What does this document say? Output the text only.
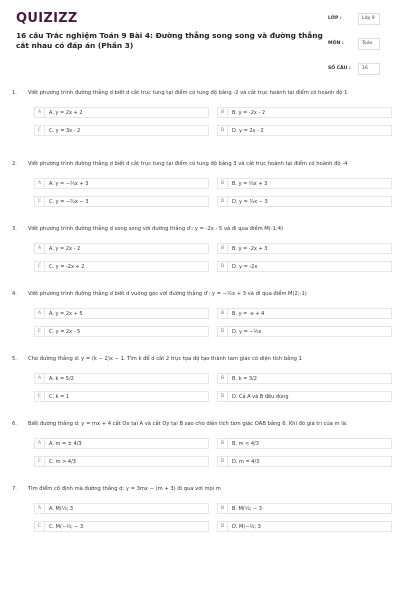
QUIZIZZ
16 câu Trắc nghiệm Toán 9 Bài 4: Đường thẳng song song và đường thẳng cắt nhau có đáp án (Phần 3)
LỚP :	Lớp 9
MÔN :	Toán
SỐ CÂU :	16
1.	Viết phương trình đường thẳng d biết d cắt trục tung tại điểm có tung độ bằng -2 và cắt trục hoành tại điểm có hoành độ 1
A	A. y = 2x + 2	B	B. y = -2x - 2
C	C. y = 3x - 2	D	D. y = 2x - 2
2.	Viết phương trình đường thẳng d biết d cắt trục tung tại điểm có tung độ bằng 3 và cắt trục hoành tại điểm có hoành độ -4
A	A. y = −¾x + 3	B	B. y = ⅔x + 3
C	C. y = −¾x − 3	D	D. y = ¾x − 3
3.	Viết phương trình đường thẳng d song song với đường thẳng d': y = -2x - 5 và đi qua điểm M(-1;4)
A	A. y = 2x - 2	B	B. y = -2x + 3
C	C. y = -2x + 2	D	D. y = -2x
4.	Viết phương trình đường thẳng d biết d vuông góc với đường thẳng d': y = −½x + 3 và đi qua điểm M(2;-1)
A	A. y = 2x + 5	B	B. y = -x + 4
C	C. y = 2x - 5	D	D. y = −½x
5.	Cho đường thẳng d: y = (k − 2)x − 1. Tìm k để d cắt 2 trục tọa độ tạo thành tam giác có diện tích bằng 1
A	A. k = 5/2	B	B. k = 3/2
C	C. k = 1	D	D. Cả A và B đều đúng
6.	Biết đường thẳng d: y = mx + 4 cắt Ox tại A và cắt Oy tại B sao cho diện tích tam giác OAB bằng 6. Khi đó giá trị của m là:
A	A. m = ± 4/3	B	B. m < 4/3
C	C. m > 4/3	D	D. m = 4/3
7.	Tìm điểm cố định mà đường thẳng d: y = 3mx − (m + 3) đi qua với mọi m
A	A. M(⅓; 3	B	B. M(⅓; − 3
C	C. M(−⅓; − 3	D	D. M(−⅓; 3
